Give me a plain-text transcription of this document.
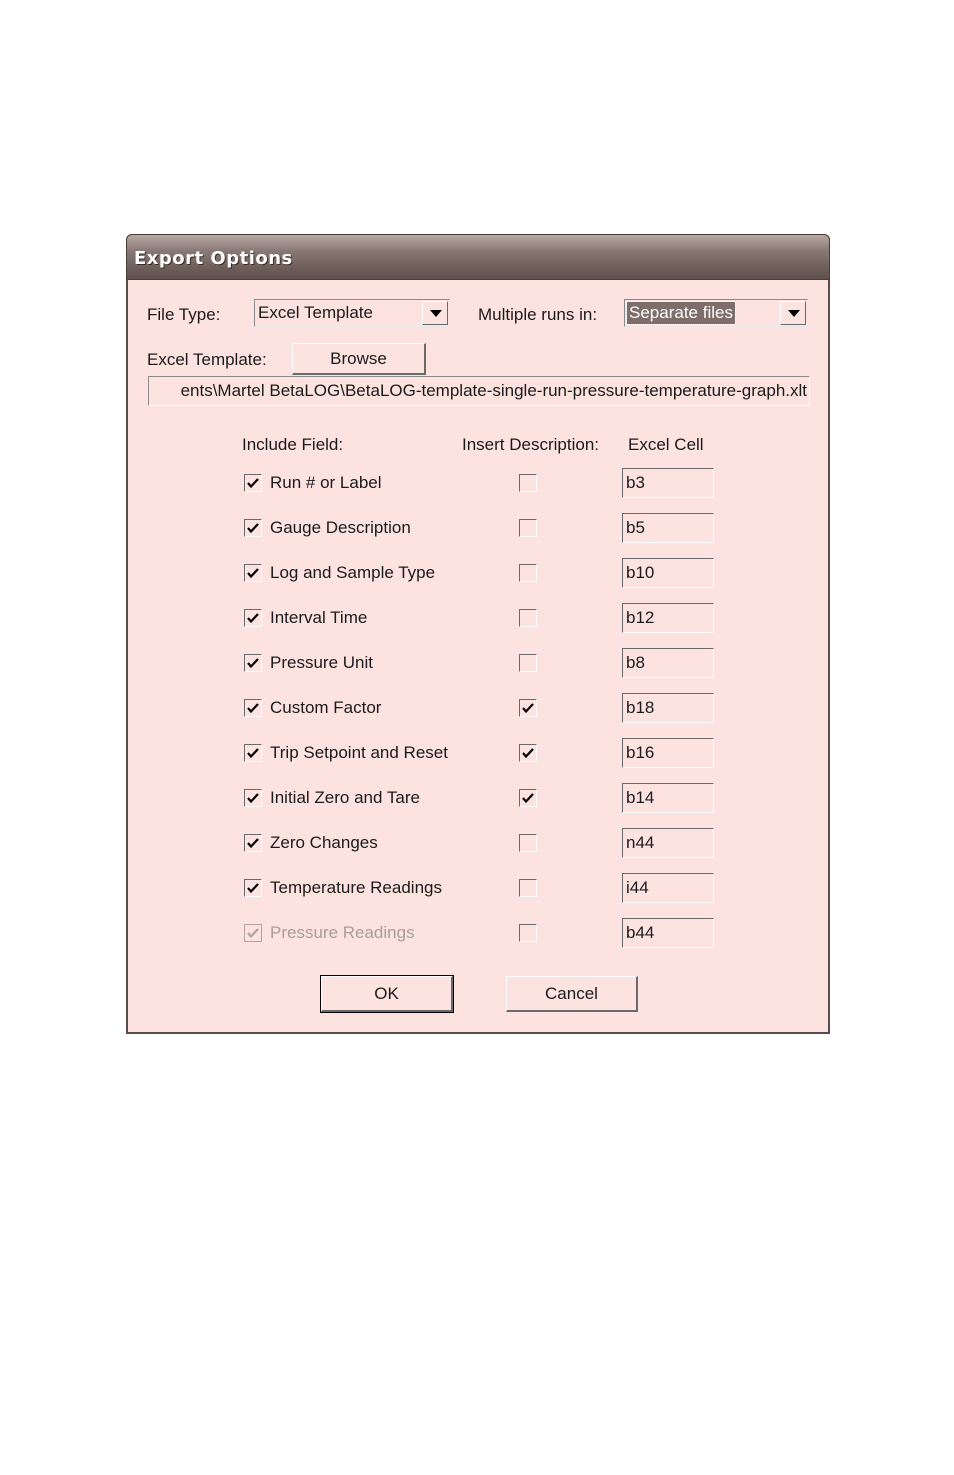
Export Options
File Type: Excel Template	Multiple runs in: Separate files
Excel Template:	Browse
ents\Martel BetaLOG\BetaLOG-template-single-run-pressure-temperature-graph.xlt
Include Field:	Insert Description: Excel Cell
Run # or Label	b3
Gauge Description	b5
Log and Sample Type	b10
Interval Time	b12
Pressure Unit	b8
Custom Factor	b18
Trip Setpoint and Reset	b16
Initial Zero and Tare	b14
Zero Changes	n44
Temperature Readings	i44
Pressure Readings	b44
OK	Cancel
